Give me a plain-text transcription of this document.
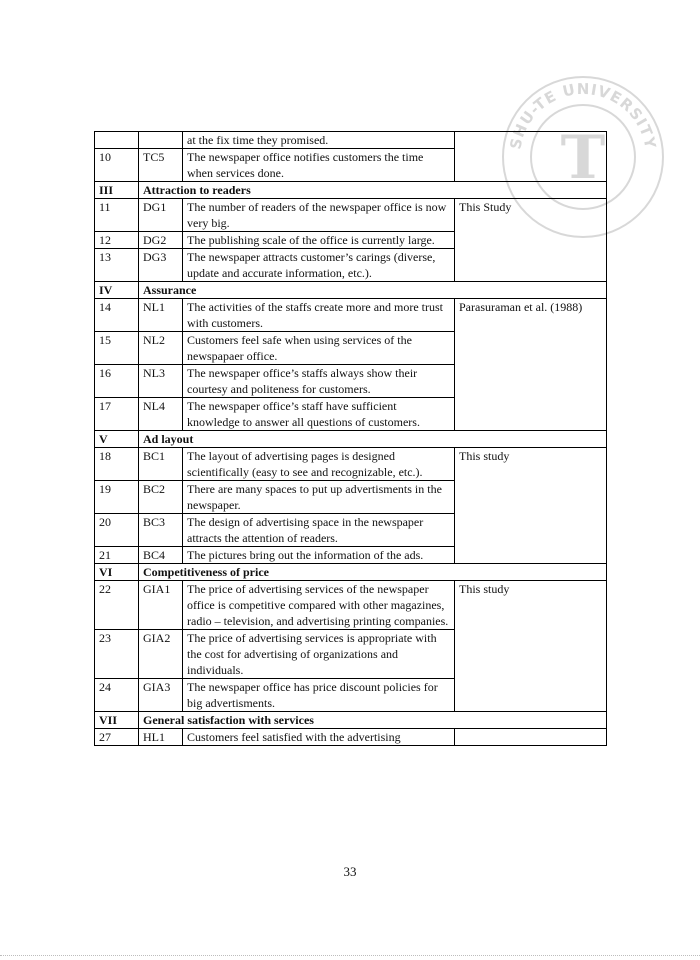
SHU-TE UNIVERSITY
T
		at the fix time they promised.	
10	TC5	The newspaper office notifies customers the time when services done.	
III	Attraction to readers		
11	DG1	The number of readers of the newspaper office is now very big.	This Study
12	DG2	The publishing scale of the office is currently large.	
13	DG3	The newspaper attracts customer’s carings (diverse, update and accurate information, etc.).	
IV	Assurance		
14	NL1	The activities of the staffs create more and more trust with customers.	Parasuraman et al. (1988)
15	NL2	Customers feel safe when using services of the newspapaer office.	
16	NL3	The newspaper office’s staffs always show their courtesy and politeness for customers.	
17	NL4	The newspaper office’s staff have sufficient knowledge to answer all questions of customers.	
V	Ad layout		
18	BC1	The layout of advertising pages is designed scientifically (easy to see and recognizable, etc.).	This study
19	BC2	There are many spaces to put up advertisments in the newspaper.	
20	BC3	The design of advertising space in the newspaper attracts the attention of readers.	
21	BC4	The pictures bring out the information of the ads.	
VI	Competitiveness of price		
22	GIA1	The price of advertising services of the newspaper office is competitive compared with other magazines, radio – television, and advertising printing companies.	This study
23	GIA2	The price of advertising services is appropriate with the cost for advertising of organizations and individuals.	
24	GIA3	The newspaper office has price discount policies for big advertisments.	
VII	General satisfaction with services		
27	HL1	Customers feel satisfied with the advertising	
33
